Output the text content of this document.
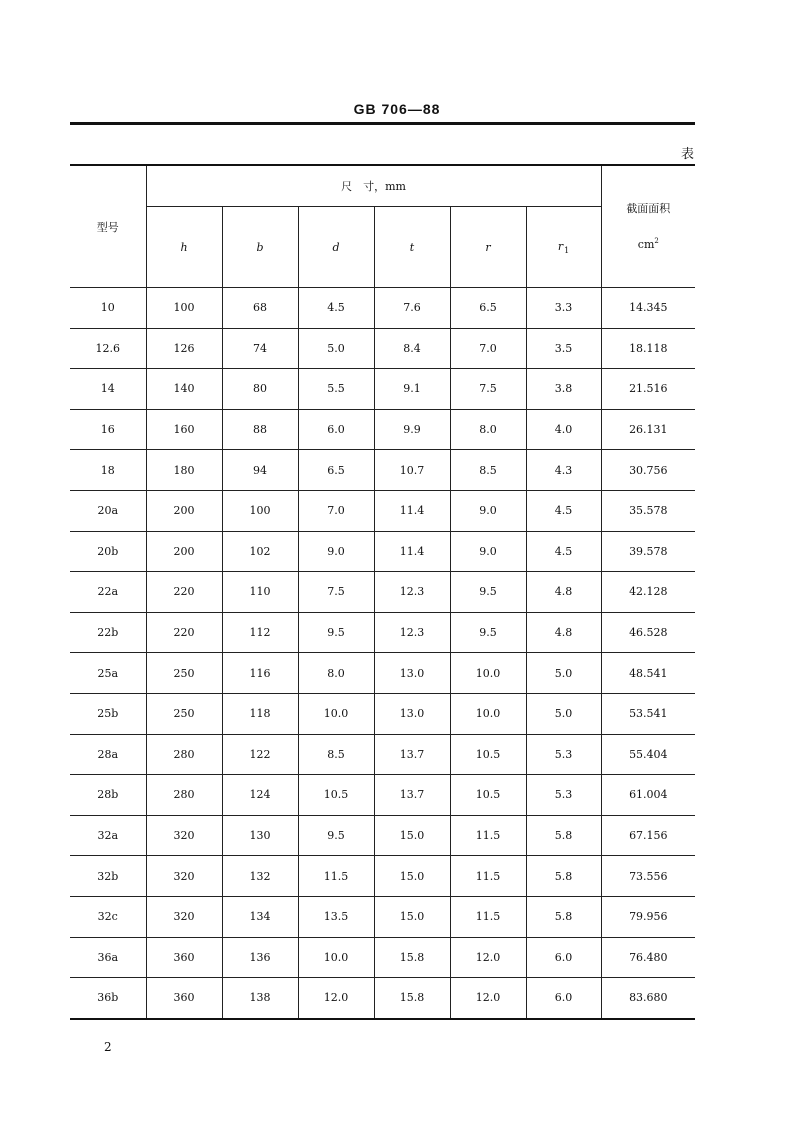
GB 706—88
表
型号	尺　寸，mm						截面面积
$cm^2$

	h	b	d	t	r	$r_1$
10	100	68	4.5	7.6	6.5	3.3	14.345
12.6	126	74	5.0	8.4	7.0	3.5	18.118
14	140	80	5.5	9.1	7.5	3.8	21.516
16	160	88	6.0	9.9	8.0	4.0	26.131
18	180	94	6.5	10.7	8.5	4.3	30.756
20a	200	100	7.0	11.4	9.0	4.5	35.578
20b	200	102	9.0	11.4	9.0	4.5	39.578
22a	220	110	7.5	12.3	9.5	4.8	42.128
22b	220	112	9.5	12.3	9.5	4.8	46.528
25a	250	116	8.0	13.0	10.0	5.0	48.541
25b	250	118	10.0	13.0	10.0	5.0	53.541
28a	280	122	8.5	13.7	10.5	5.3	55.404
28b	280	124	10.5	13.7	10.5	5.3	61.004
32a	320	130	9.5	15.0	11.5	5.8	67.156
32b	320	132	11.5	15.0	11.5	5.8	73.556
32c	320	134	13.5	15.0	11.5	5.8	79.956
36a	360	136	10.0	15.8	12.0	6.0	76.480
36b	360	138	12.0	15.8	12.0	6.0	83.680
2
